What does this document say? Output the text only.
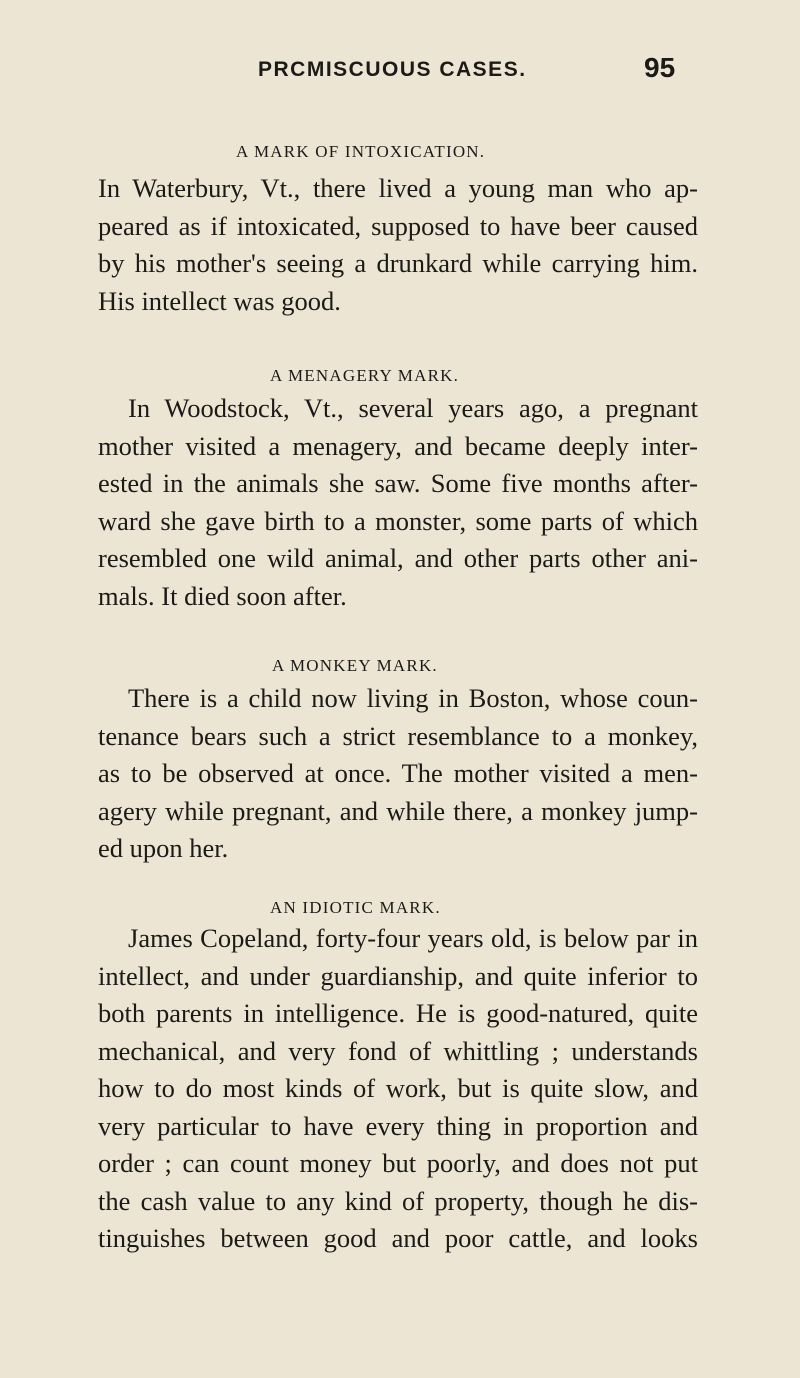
PRCMISCUOUS CASES.	95
A MARK OF INTOXICATION.
In Waterbury, Vt., there lived a young man who ap-
peared as if intoxicated, supposed to have beer caused
by his mother's seeing a drunkard while carrying him.
His intellect was good.
A MENAGERY MARK.
In Woodstock, Vt., several years ago, a pregnant
mother visited a menagery, and became deeply inter-
ested in the animals she saw. Some five months after-
ward she gave birth to a monster, some parts of which
resembled one wild animal, and other parts other ani-
mals. It died soon after.
A MONKEY MARK.
There is a child now living in Boston, whose coun-
tenance bears such a strict resemblance to a monkey,
as to be observed at once. The mother visited a men-
agery while pregnant, and while there, a monkey jump-
ed upon her.
AN IDIOTIC MARK.
James Copeland, forty-four years old, is below par in
intellect, and under guardianship, and quite inferior to
both parents in intelligence. He is good-natured, quite
mechanical, and very fond of whittling ; understands
how to do most kinds of work, but is quite slow, and
very particular to have every thing in proportion and
order ; can count money but poorly, and does not put
the cash value to any kind of property, though he dis-
tinguishes between good and poor cattle, and looks
